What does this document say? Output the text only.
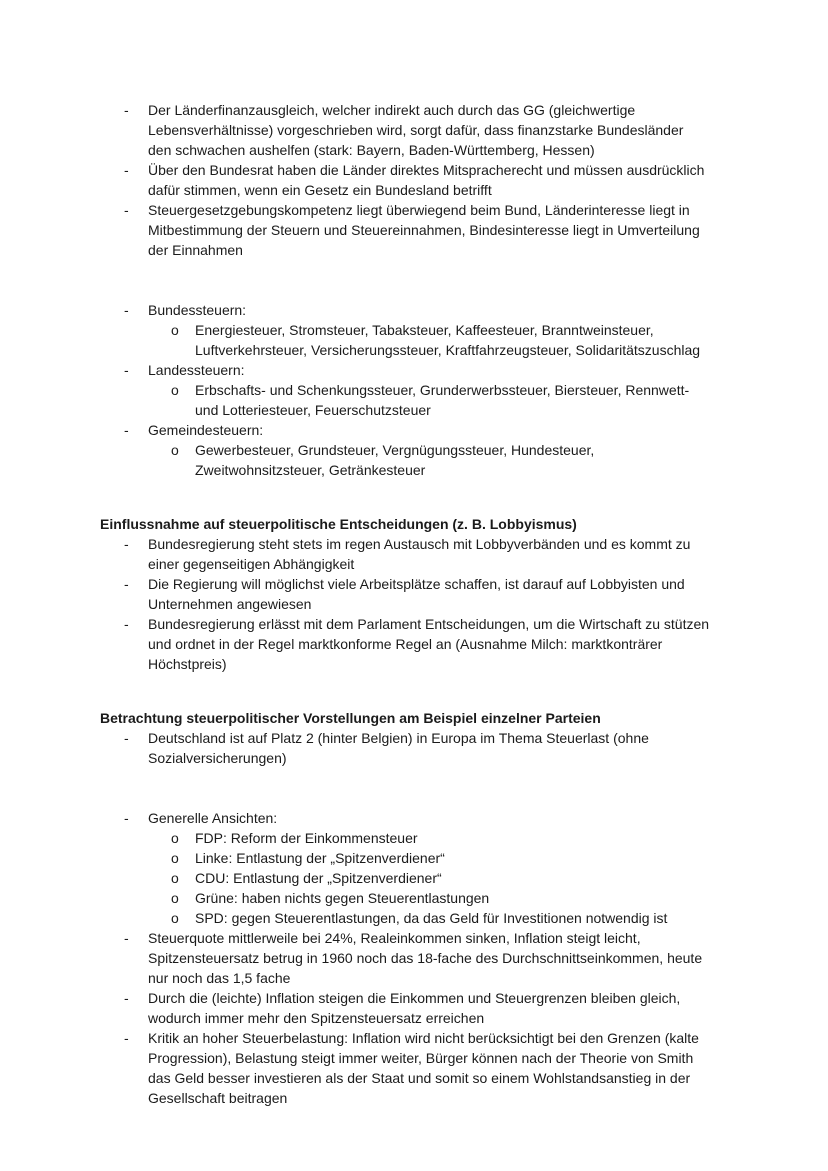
-	Der Länderfinanzausgleich, welcher indirekt auch durch das GG (gleichwertige Lebensverhältnisse) vorgeschrieben wird, sorgt dafür, dass finanzstarke Bundesländer den schwachen aushelfen (stark: Bayern, Baden-Württemberg, Hessen)
-	Über den Bundesrat haben die Länder direktes Mitspracherecht und müssen ausdrücklich dafür stimmen, wenn ein Gesetz ein Bundesland betrifft
-	Steuergesetzgebungskompetenz liegt überwiegend beim Bund, Länderinteresse liegt in Mitbestimmung der Steuern und Steuereinnahmen, Bindesinteresse liegt in Umverteilung der Einnahmen
-	Bundessteuern:
o	Energiesteuer, Stromsteuer, Tabaksteuer, Kaffeesteuer, Branntweinsteuer, Luftverkehrsteuer, Versicherungssteuer, Kraftfahrzeugsteuer, Solidaritätszuschlag
-	Landessteuern:
o	Erbschafts- und Schenkungssteuer, Grunderwerbssteuer, Biersteuer, Rennwett- und Lotteriesteuer, Feuerschutzsteuer
-	Gemeindesteuern:
o	Gewerbesteuer, Grundsteuer, Vergnügungssteuer, Hundesteuer, Zweitwohnsitzsteuer, Getränkesteuer
Einflussnahme auf steuerpolitische Entscheidungen (z. B. Lobbyismus)
-	Bundesregierung steht stets im regen Austausch mit Lobbyverbänden und es kommt zu einer gegenseitigen Abhängigkeit
-	Die Regierung will möglichst viele Arbeitsplätze schaffen, ist darauf auf Lobbyisten und Unternehmen angewiesen
-	Bundesregierung erlässt mit dem Parlament Entscheidungen, um die Wirtschaft zu stützen und ordnet in der Regel marktkonforme Regel an (Ausnahme Milch: marktkonträrer Höchstpreis)
Betrachtung steuerpolitischer Vorstellungen am Beispiel einzelner Parteien
-	Deutschland ist auf Platz 2 (hinter Belgien) in Europa im Thema Steuerlast (ohne Sozialversicherungen)
-	Generelle Ansichten:
o	FDP: Reform der Einkommensteuer
o	Linke: Entlastung der „Spitzenverdiener“
o	CDU: Entlastung der „Spitzenverdiener“
o	Grüne: haben nichts gegen Steuerentlastungen
o	SPD: gegen Steuerentlastungen, da das Geld für Investitionen notwendig ist
-	Steuerquote mittlerweile bei 24%, Realeinkommen sinken, Inflation steigt leicht, Spitzensteuersatz betrug in 1960 noch das 18-fache des Durchschnittseinkommen, heute nur noch das 1,5 fache
-	Durch die (leichte) Inflation steigen die Einkommen und Steuergrenzen bleiben gleich, wodurch immer mehr den Spitzensteuersatz erreichen
-	Kritik an hoher Steuerbelastung: Inflation wird nicht berücksichtigt bei den Grenzen (kalte Progression), Belastung steigt immer weiter, Bürger können nach der Theorie von Smith das Geld besser investieren als der Staat und somit so einem Wohlstandsanstieg in der Gesellschaft beitragen
